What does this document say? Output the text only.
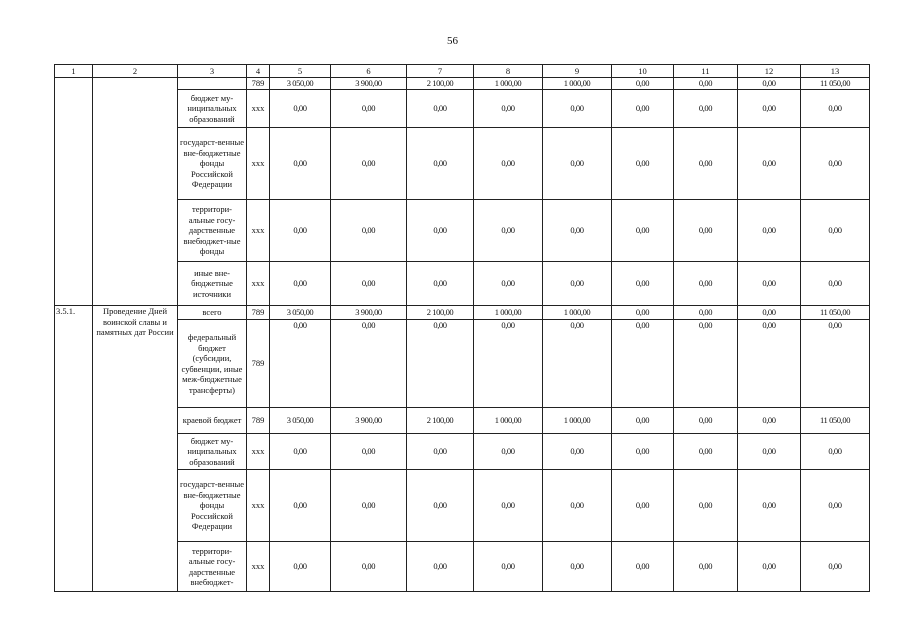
56
1	2	3	4	5	6	7	8	9	10	11	12	13
			789	3 050,00	3 900,00	2 100,00	1 000,00	1 000,00	0,00	0,00	0,00	11 050,00
		бюджет му-ниципальных образований	ххх	0,00	0,00	0,00	0,00	0,00	0,00	0,00	0,00	0,00
		государст-венные вне-бюджетные фонды Российской Федерации	ххх	0,00	0,00	0,00	0,00	0,00	0,00	0,00	0,00	0,00
		территори-альные госу-дарственные внебюджет-ные фонды	ххх	0,00	0,00	0,00	0,00	0,00	0,00	0,00	0,00	0,00
		иные вне-бюджетные источники	ххх	0,00	0,00	0,00	0,00	0,00	0,00	0,00	0,00	0,00
3.5.1.	Проведение Дней воинской славы и памятных дат России	всего	789	3 050,00	3 900,00	2 100,00	1 000,00	1 000,00	0,00	0,00	0,00	11 050,00
		федеральный бюджет (субсидии, субвенции, иные меж-бюджетные трансферты)	789	0,00	0,00	0,00	0,00	0,00	0,00	0,00	0,00	0,00
		краевой бюджет	789	3 050,00	3 900,00	2 100,00	1 000,00	1 000,00	0,00	0,00	0,00	11 050,00
		бюджет му-ниципальных образований	ххх	0,00	0,00	0,00	0,00	0,00	0,00	0,00	0,00	0,00
		государст-венные вне-бюджетные фонды Российской Федерации	ххх	0,00	0,00	0,00	0,00	0,00	0,00	0,00	0,00	0,00
		территори-альные госу-дарственные внебюджет-	ххх	0,00	0,00	0,00	0,00	0,00	0,00	0,00	0,00	0,00
